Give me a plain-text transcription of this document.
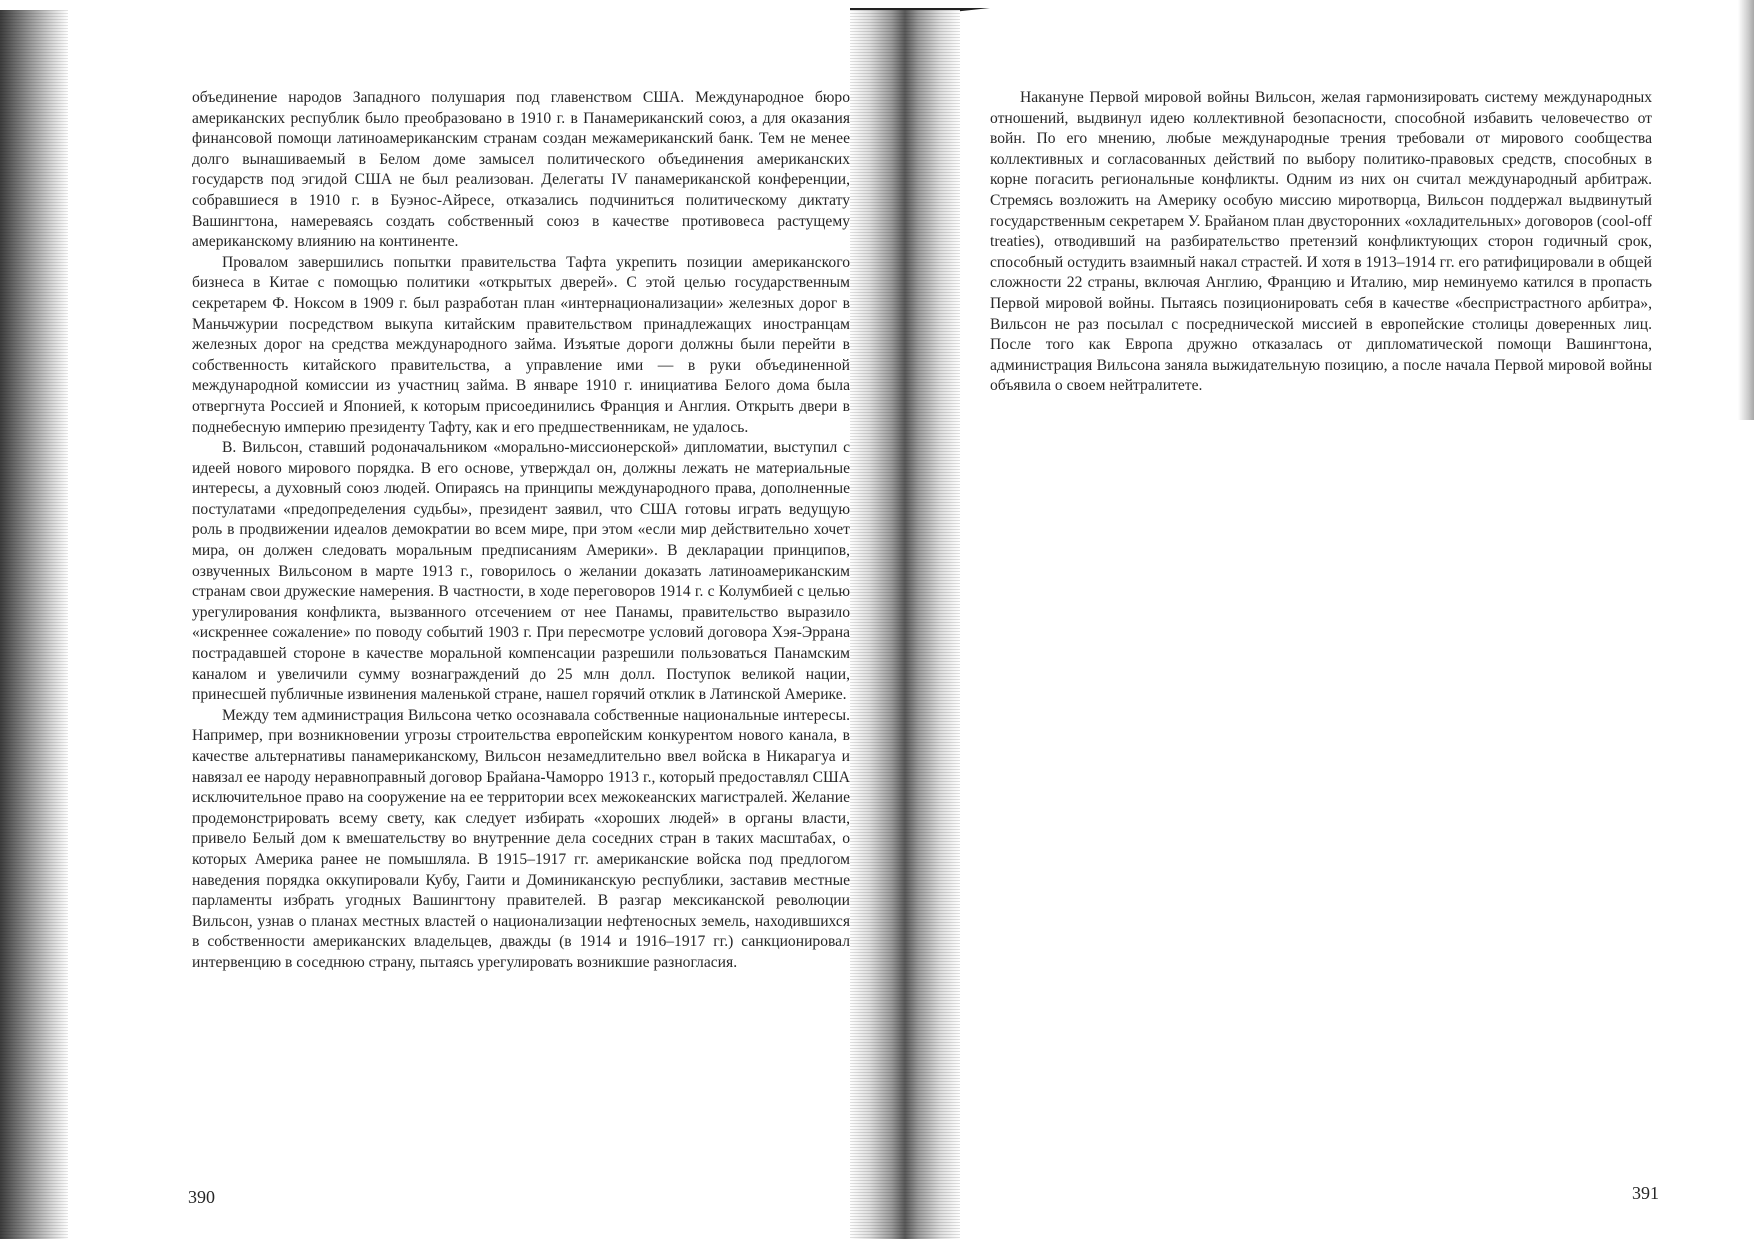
объединение народов Западного полушария под главенством США. Международное бюро американских республик было преобразовано в 1910 г. в Панамериканский союз, а для оказания финансовой помощи латиноамериканским странам создан межамериканский банк. Тем не менее долго вынашиваемый в Белом доме замысел политического объединения американских государств под эгидой США не был реализован. Делегаты IV панамериканской конференции, собравшиеся в 1910 г. в Буэнос-Айресе, отказались подчиниться политическому диктату Вашингтона, намереваясь создать собственный союз в качестве противовеса растущему американскому влиянию на континенте.

Провалом завершились попытки правительства Тафта укрепить позиции американского бизнеса в Китае с помощью политики «открытых дверей». С этой целью государственным секретарем Ф. Ноксом в 1909 г. был разработан план «интернационализации» железных дорог в Маньчжурии посредством выкупа китайским правительством принадлежащих иностранцам железных дорог на средства международного займа. Изъятые дороги должны были перейти в собственность китайского правительства, а управление ими — в руки объединенной международной комиссии из участниц займа. В январе 1910 г. инициатива Белого дома была отвергнута Россией и Японией, к которым присоединились Франция и Англия. Открыть двери в поднебесную империю президенту Тафту, как и его предшественникам, не удалось.

В. Вильсон, ставший родоначальником «морально-миссионерской» дипломатии, выступил с идеей нового мирового порядка. В его основе, утверждал он, должны лежать не материальные интересы, а духовный союз людей. Опираясь на принципы международного права, дополненные постулатами «предопределения судьбы», президент заявил, что США готовы играть ведущую роль в продвижении идеалов демократии во всем мире, при этом «если мир действительно хочет мира, он должен следовать моральным предписаниям Америки». В декларации принципов, озвученных Вильсоном в марте 1913 г., говорилось о желании доказать латиноамериканским странам свои дружеские намерения. В частности, в ходе переговоров 1914 г. с Колумбией с целью урегулирования конфликта, вызванного отсечением от нее Панамы, правительство выразило «искреннее сожаление» по поводу событий 1903 г. При пересмотре условий договора Хэя-Эррана пострадавшей стороне в качестве моральной компенсации разрешили пользоваться Панамским каналом и увеличили сумму вознаграждений до 25 млн долл. Поступок великой нации, принесшей публичные извинения маленькой стране, нашел горячий отклик в Латинской Америке.

Между тем администрация Вильсона четко осознавала собственные национальные интересы. Например, при возникновении угрозы строительства европейским конкурентом нового канала, в качестве альтернативы панамериканскому, Вильсон незамедлительно ввел войска в Никарагуа и навязал ее народу неравноправный договор Брайана-Чаморро 1913 г., который предоставлял США исключительное право на сооружение на ее территории всех межокеанских магистралей. Желание продемонстрировать всему свету, как следует избирать «хороших людей» в органы власти, привело Белый дом к вмешательству во внутренние дела соседних стран в таких масштабах, о которых Америка ранее не помышляла. В 1915–1917 гг. американские войска под предлогом наведения порядка оккупировали Кубу, Гаити и Доминиканскую республики, заставив местные парламенты избрать угодных Вашингтону правителей. В разгар мексиканской революции Вильсон, узнав о планах местных властей о национализации нефтеносных земель, находившихся в собственности американских владельцев, дважды (в 1914 и 1916–1917 гг.) санкционировал интервенцию в соседнюю страну, пытаясь урегулировать возникшие разногласия.

Накануне Первой мировой войны Вильсон, желая гармонизировать систему международных отношений, выдвинул идею коллективной безопасности, способной избавить человечество от войн. По его мнению, любые международные трения требовали от мирового сообщества коллективных и согласованных действий по выбору политико-правовых средств, способных в корне погасить региональные конфликты. Одним из них он считал международный арбитраж. Стремясь возложить на Америку особую миссию миротворца, Вильсон поддержал выдвинутый государственным секретарем У. Брайаном план двусторонних «охладительных» договоров (cool-off treaties), отводивший на разбирательство претензий конфликтующих сторон годичный срок, способный остудить взаимный накал страстей. И хотя в 1913–1914 гг. его ратифицировали в общей сложности 22 страны, включая Англию, Францию и Италию, мир неминуемо катился в пропасть Первой мировой войны. Пытаясь позиционировать себя в качестве «беспристрастного арбитра», Вильсон не раз посылал с посреднической миссией в европейские столицы доверенных лиц. После того как Европа дружно отказалась от дипломатической помощи Вашингтона, администрация Вильсона заняла выжидательную позицию, а после начала Первой мировой войны объявила о своем нейтралитете.

390	391
